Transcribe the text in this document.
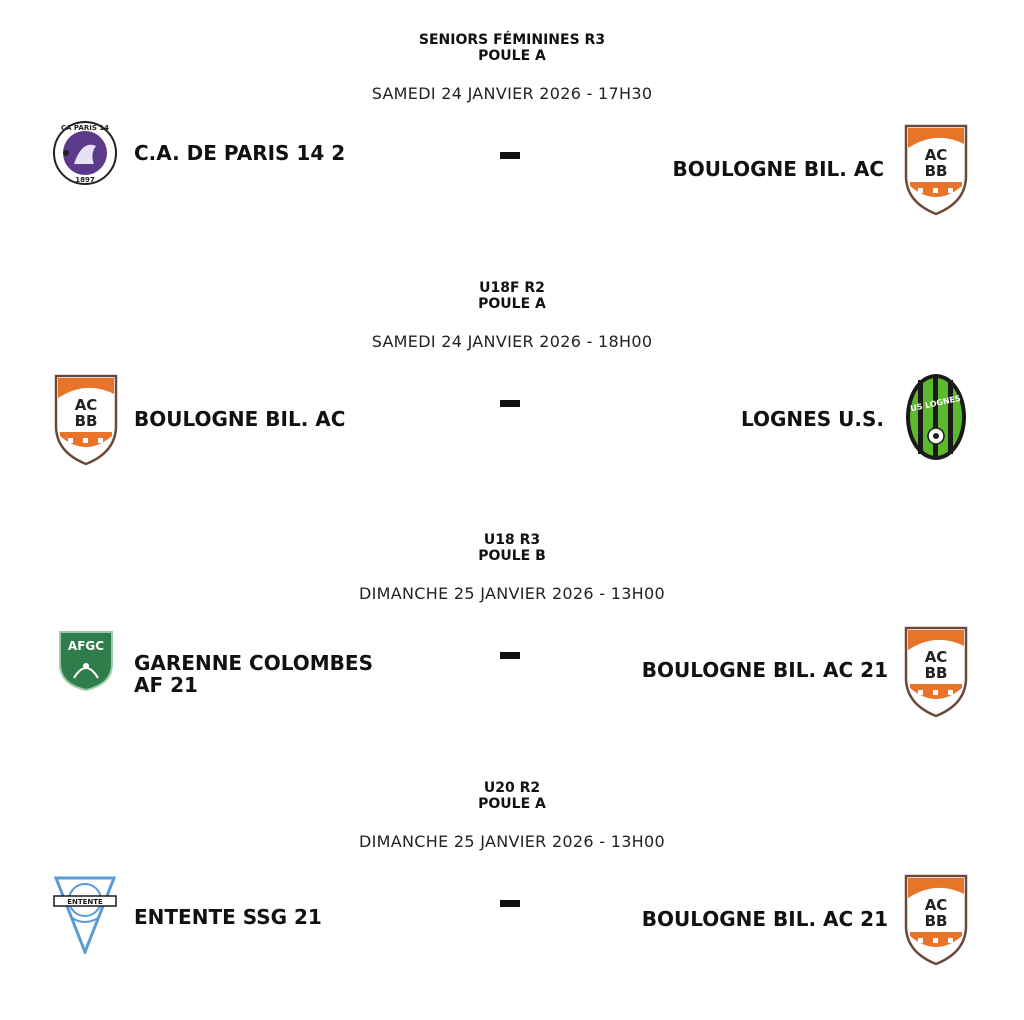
SENIORS FÉMININES R3
POULE A
SAMEDI 24 JANVIER 2026 - 17H30
CA PARIS 14
1897
C.A. DE PARIS 14 2
BOULOGNE BIL. AC
AC
BB
U18F R2
POULE A
SAMEDI 24 JANVIER 2026 - 18H00
AC
BB BOULOGNE BIL. AC	LOGNES U.S.
US LOGNES
U18 R3
POULE B
DIMANCHE 25 JANVIER 2026 - 13H00
AFGC
GARENNE COLOMBES
AF 21
BOULOGNE BIL. AC 21
AC
BB
U20 R2
POULE A
DIMANCHE 25 JANVIER 2026 - 13H00
ENTENTE
ENTENTE SSG 21	BOULOGNE BIL. AC 21
AC
BB
